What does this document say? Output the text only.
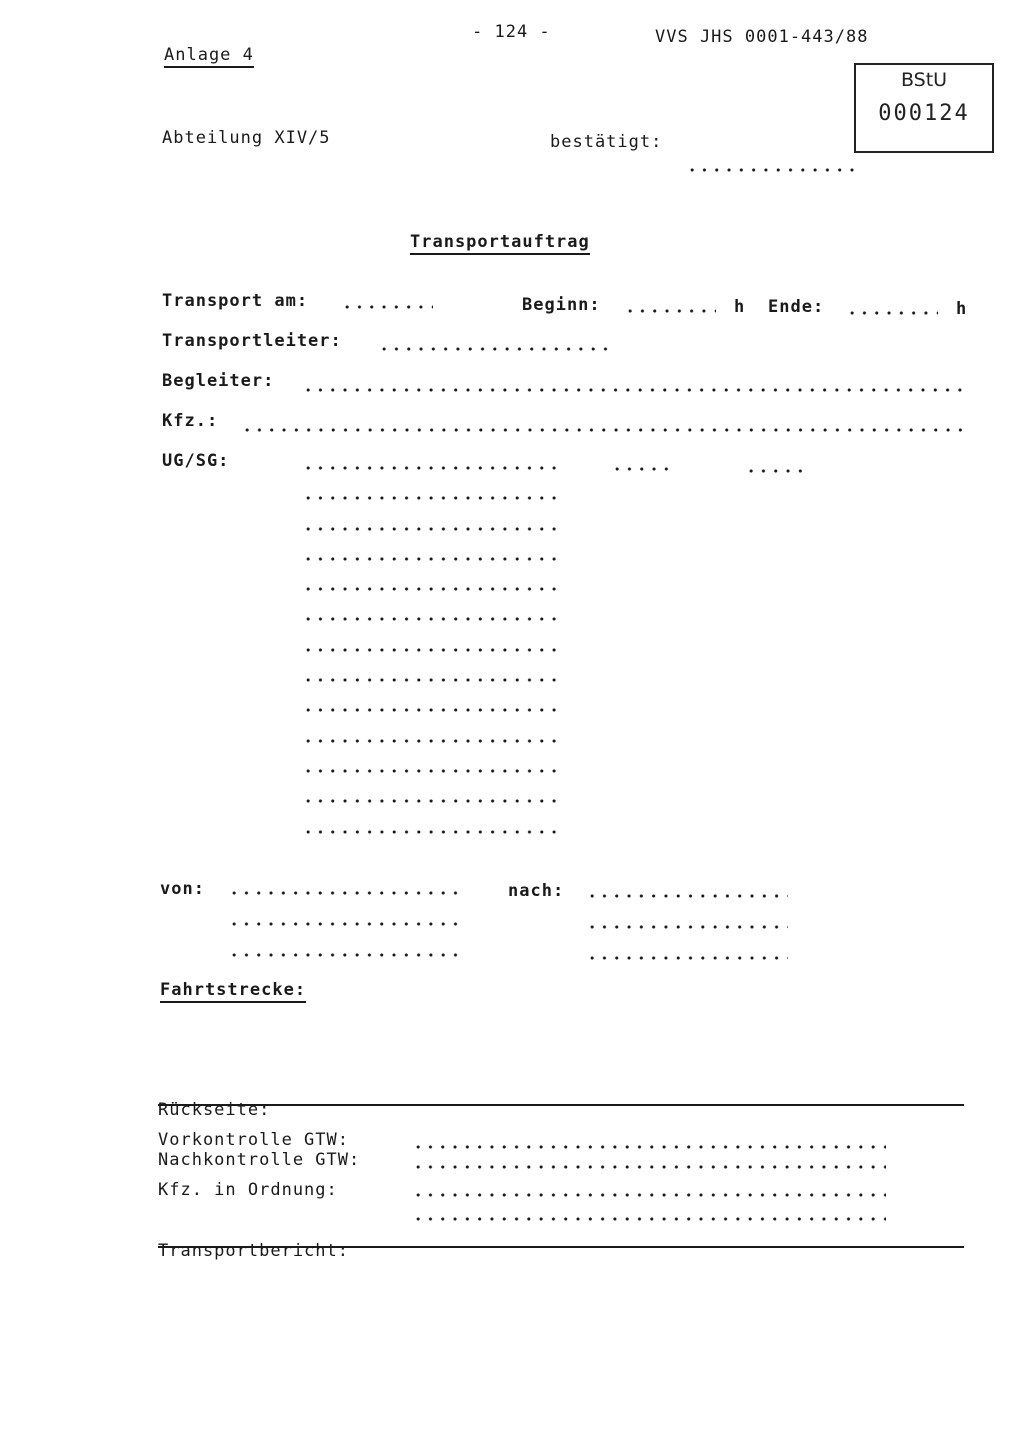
- 124 -	VVS JHS 0001-443/88
Anlage 4
BStU
000124
Abteilung XIV/5	bestätigt:
Transportauftrag
Transport am:	Beginn:	h Ende:	h
Transportleiter:
Begleiter:
Kfz.:
UG/SG:
von:	nach:
Fahrtstrecke:
Rückseite:
Vorkontrolle GTW:
Nachkontrolle GTW:
Kfz. in Ordnung:
Transportbericht:
